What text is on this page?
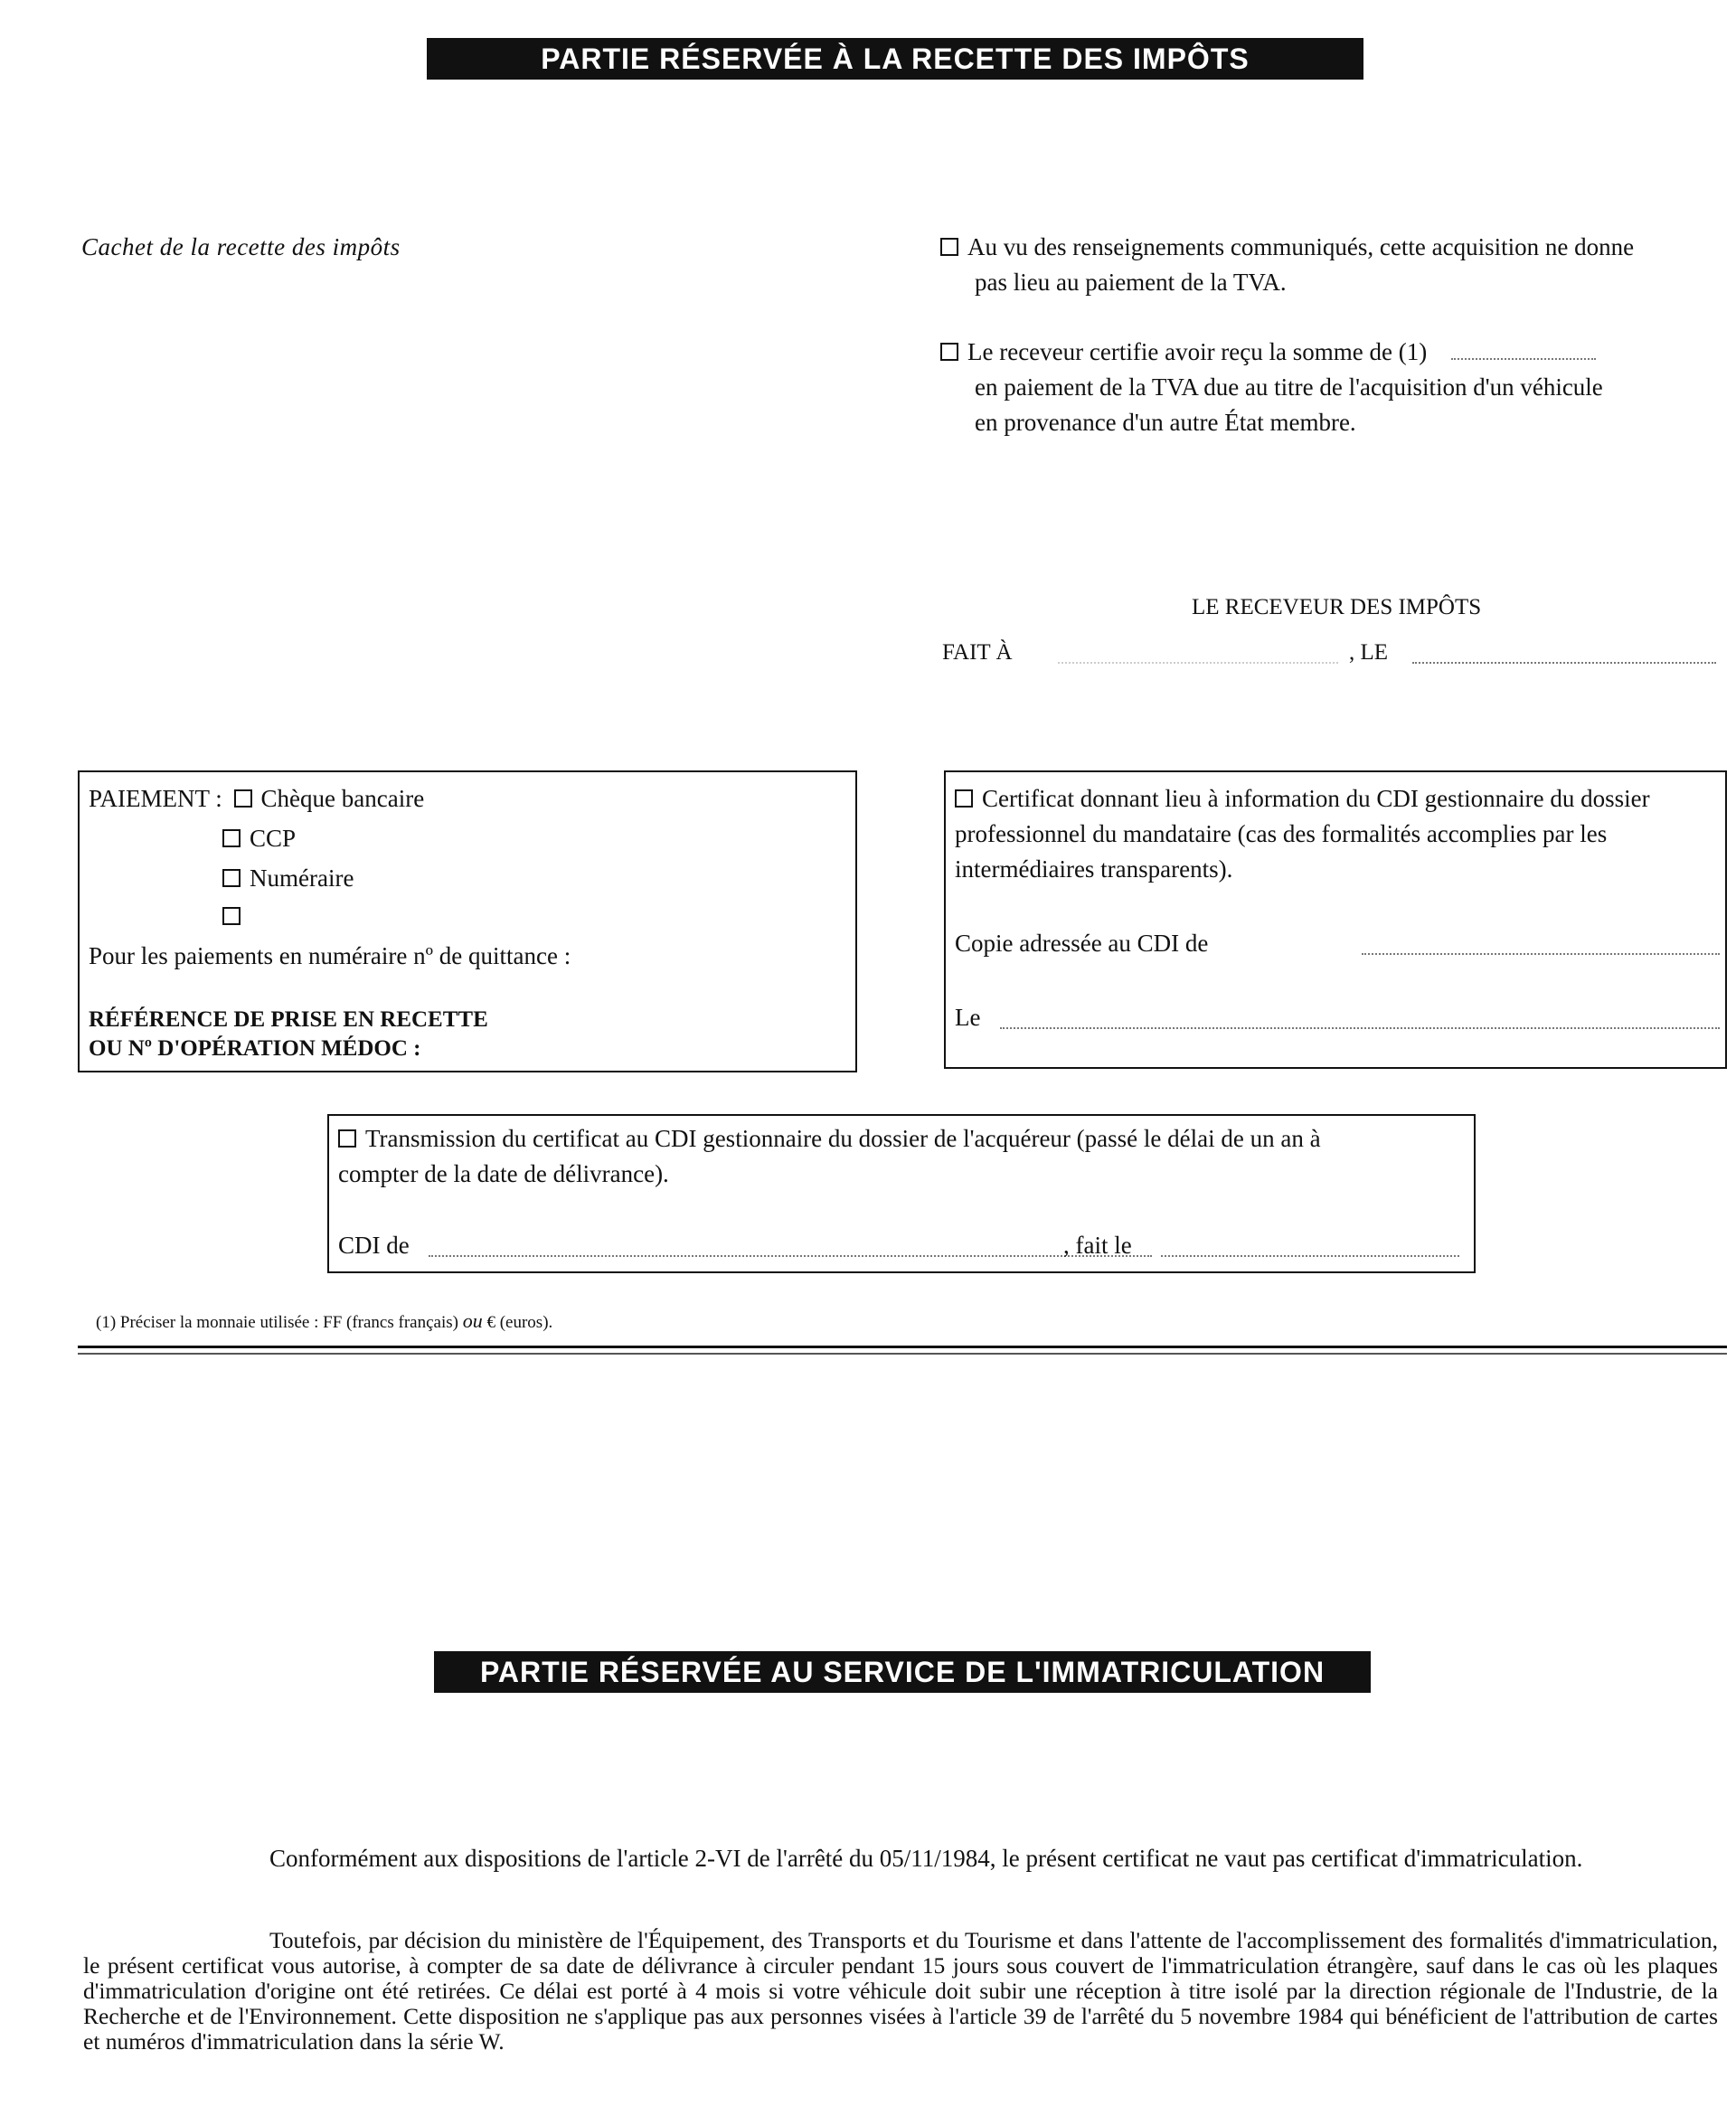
PARTIE RÉSERVÉE À LA RECETTE DES IMPÔTS
Cachet de la recette des impôts	Au vu des renseignements communiqués, cette acquisition ne donne
pas lieu au paiement de la TVA.
Le receveur certifie avoir reçu la somme de (1)
en paiement de la TVA due au titre de l'acquisition d'un véhicule
en provenance d'un autre État membre.
LE RECEVEUR DES IMPÔTS
FAIT À	, LE
PAIEMENT : Chèque bancaire
CCP
Numéraire
Pour les paiements en numéraire nº de quittance :
RÉFÉRENCE DE PRISE EN RECETTE
OU Nº D'OPÉRATION MÉDOC :
Certificat donnant lieu à information du CDI gestionnaire du dossier
professionnel du mandataire (cas des formalités accomplies par les
intermédiaires transparents).
Copie adressée au CDI de
Le
Transmission du certificat au CDI gestionnaire du dossier de l'acquéreur (passé le délai de un an à
compter de la date de délivrance).
CDI de	, fait le
(1) Préciser la monnaie utilisée : FF (francs français) ou € (euros).
PARTIE RÉSERVÉE AU SERVICE DE L'IMMATRICULATION
Conformément aux dispositions de l'article 2-VI de l'arrêté du 05/11/1984, le présent certificat ne vaut pas certificat d'immatriculation.
Toutefois, par décision du ministère de l'Équipement, des Transports et du Tourisme et dans l'attente de l'accomplissement des formalités d'immatriculation, le présent certificat vous autorise, à compter de sa date de délivrance à circuler pendant 15 jours sous couvert de l'immatriculation étrangère, sauf dans le cas où les plaques d'immatriculation d'origine ont été retirées. Ce délai est porté à 4 mois si votre véhicule doit subir une réception à titre isolé par la direction régionale de l'Industrie, de la Recherche et de l'Environnement. Cette disposition ne s'applique pas aux personnes visées à l'article 39 de l'arrêté du 5 novembre 1984 qui bénéficient de l'attribution de cartes et numéros d'immatriculation dans la série W.
